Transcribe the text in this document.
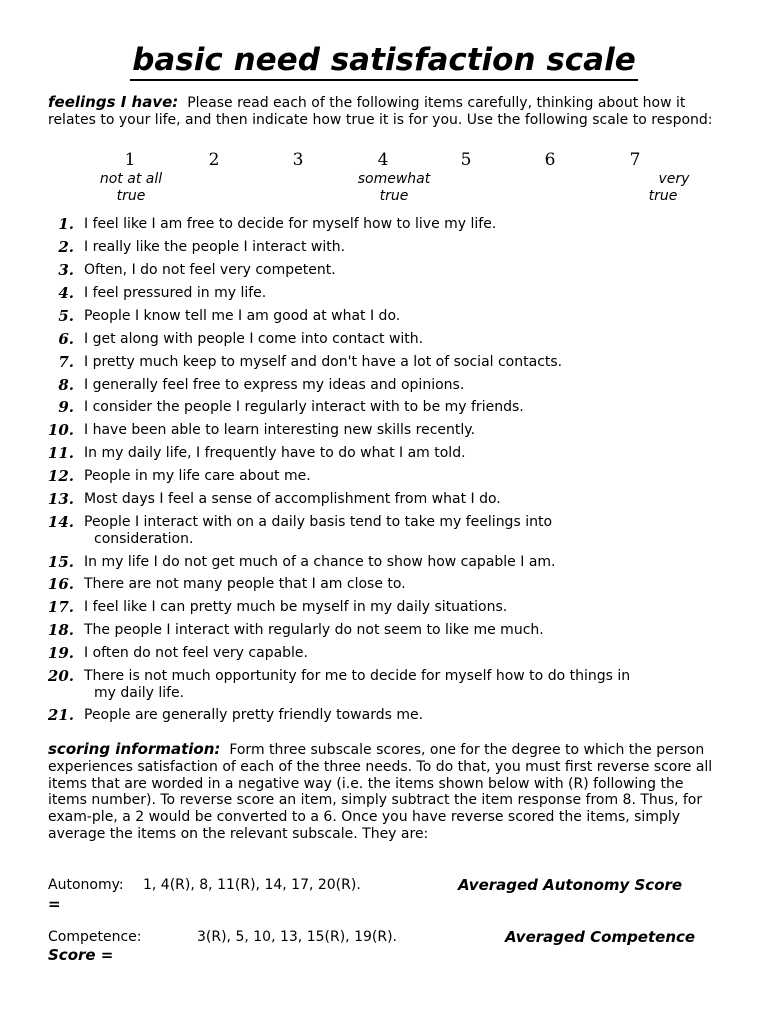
basic need satisfaction scale
feelings I have: Please read each of the following items carefully, thinking about how it relates to your life, and then indicate how true it is for you. Use the following scale to respond:
1	2	3	4	5	6	7
not at all
true
somewhat
true
very
true
1. I feel like I am free to decide for myself how to live my life.
2. I really like the people I interact with.
3. Often, I do not feel very competent.
4. I feel pressured in my life.
5. People I know tell me I am good at what I do.
6. I get along with people I come into contact with.
7. I pretty much keep to myself and don't have a lot of social contacts.
8. I generally feel free to express my ideas and opinions.
9. I consider the people I regularly interact with to be my friends.
10. I have been able to learn interesting new skills recently.
11. In my daily life, I frequently have to do what I am told.
12. People in my life care about me.
13. Most days I feel a sense of accomplishment from what I do.
14. People I interact with on a daily basis tend to take my feelings into
consideration.
15. In my life I do not get much of a chance to show how capable I am.
16. There are not many people that I am close to.
17. I feel like I can pretty much be myself in my daily situations.
18. The people I interact with regularly do not seem to like me much.
19. I often do not feel very capable.
20. There is not much opportunity for me to decide for myself how to do things in
my daily life.
21. People are generally pretty friendly towards me.
scoring information: Form three subscale scores, one for the degree to which the person experiences satisfaction of each of the three needs. To do that, you must first reverse score all items that are worded in a negative way (i.e. the items shown below with (R) following the items number). To reverse score an item, simply subtract the item response from 8. Thus, for exam-ple, a 2 would be converted to a 6. Once you have reverse scored the items, simply average the items on the relevant subscale. They are:
Autonomy: 1, 4(R), 8, 11(R), 14, 17, 20(R).	Averaged Autonomy Score
=
Competence:	3(R), 5, 10, 13, 15(R), 19(R).	Averaged Competence
Score =
